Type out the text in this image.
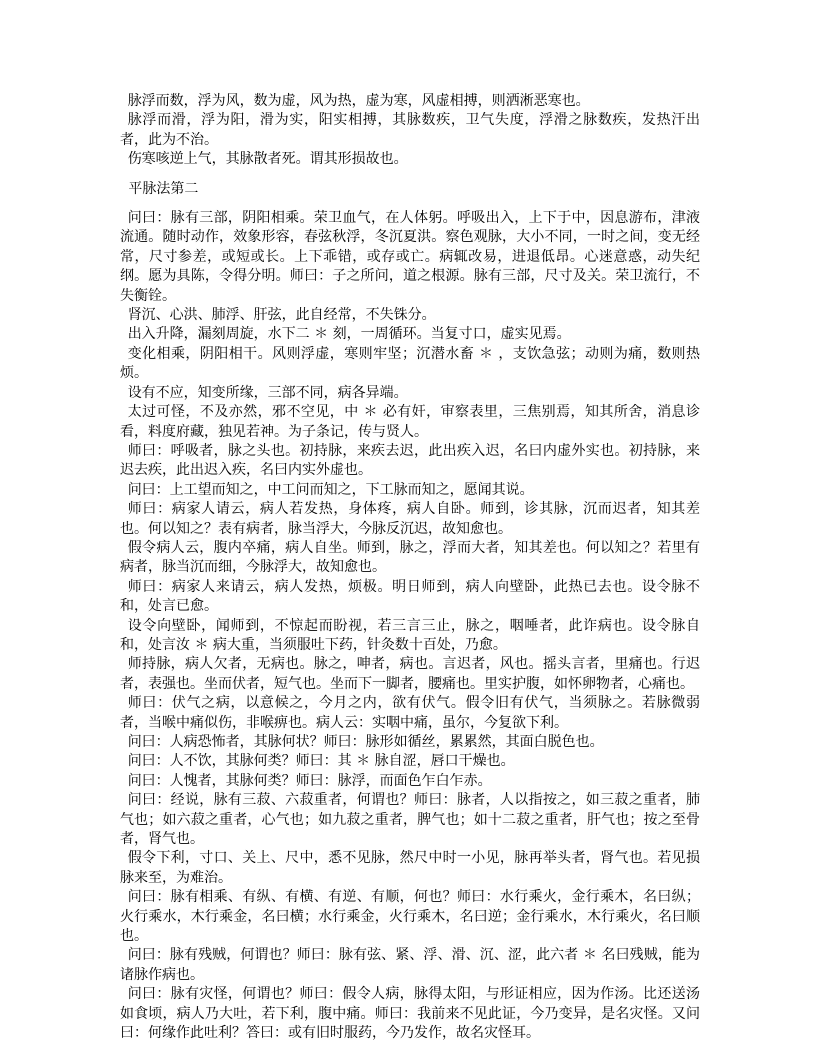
脉浮而数，浮为风，数为虚，风为热，虚为寒，风虚相搏，则洒淅恶寒也。

脉浮而滑，浮为阳，滑为实，阳实相搏，其脉数疾，卫气失度，浮滑之脉数疾，发热汗出者，此为不治。

伤寒咳逆上气，其脉散者死。谓其形损故也。

平脉法第二

问曰：脉有三部，阴阳相乘。荣卫血气，在人体躬。呼吸出入，上下于中，因息游布，津液流通。随时动作，效象形容，春弦秋浮，冬沉夏洪。察色观脉，大小不同，一时之间，变无经常，尺寸参差，或短或长。上下乖错，或存或亡。病辄改易，进退低昂。心迷意惑，动失纪纲。愿为具陈，令得分明。师曰：子之所问，道之根源。脉有三部，尺寸及关。荣卫流行，不失衡铨。

肾沉、心洪、肺浮、肝弦，此自经常，不失铢分。

出入升降，漏刻周旋，水下二 ＊ 刻，一周循环。当复寸口，虚实见焉。

变化相乘，阴阳相干。风则浮虚，寒则牢坚；沉潜水畜 ＊ ，支饮急弦；动则为痛，数则热烦。

设有不应，知变所缘，三部不同，病各异端。

太过可怪，不及亦然，邪不空见，中 ＊ 必有奸，审察表里，三焦别焉，知其所舍，消息诊看，料度府藏，独见若神。为子条记，传与贤人。

师曰：呼吸者，脉之头也。初持脉，来疾去迟，此出疾入迟，名曰内虚外实也。初持脉，来迟去疾，此出迟入疾，名曰内实外虚也。

问曰：上工望而知之，中工问而知之，下工脉而知之，愿闻其说。

师曰：病家人请云，病人若发热，身体疼，病人自卧。师到，诊其脉，沉而迟者，知其差也。何以知之？表有病者，脉当浮大，今脉反沉迟，故知愈也。

假令病人云，腹内卒痛，病人自坐。师到，脉之，浮而大者，知其差也。何以知之？若里有病者，脉当沉而细，今脉浮大，故知愈也。

师曰：病家人来请云，病人发热，烦极。明日师到，病人向壁卧，此热已去也。设令脉不和，处言已愈。

设令向壁卧，闻师到，不惊起而盼视，若三言三止，脉之，咽唾者，此诈病也。设令脉自和，处言汝 ＊ 病大重，当须服吐下药，针灸数十百处，乃愈。

师持脉，病人欠者，无病也。脉之，呻者，病也。言迟者，风也。摇头言者，里痛也。行迟者，表强也。坐而伏者，短气也。坐而下一脚者，腰痛也。里实护腹，如怀卵物者，心痛也。

师曰：伏气之病，以意候之，今月之内，欲有伏气。假令旧有伏气，当须脉之。若脉微弱者，当喉中痛似伤，非喉痹也。病人云：实咽中痛，虽尔，今复欲下利。

问曰：人病恐怖者，其脉何状？师曰：脉形如循丝，累累然，其面白脱色也。

问曰：人不饮，其脉何类？师曰：其 ＊ 脉自涩，唇口干燥也。

问曰：人愧者，其脉何类？师曰：脉浮，而面色乍白乍赤。

问曰：经说，脉有三菽、六菽重者，何谓也？师曰：脉者，人以指按之，如三菽之重者，肺气也；如六菽之重者，心气也；如九菽之重者，脾气也；如十二菽之重者，肝气也；按之至骨者，肾气也。

假令下利，寸口、关上、尺中，悉不见脉，然尺中时一小见，脉再举头者，肾气也。若见损脉来至，为难治。

问曰：脉有相乘、有纵、有横、有逆、有顺，何也？师曰：水行乘火，金行乘木，名曰纵；火行乘水，木行乘金，名曰横；水行乘金，火行乘木，名曰逆；金行乘水，木行乘火，名曰顺也。

问曰：脉有残贼，何谓也？师曰：脉有弦、紧、浮、滑、沉、涩，此六者 ＊ 名曰残贼，能为诸脉作病也。

问曰：脉有灾怪，何谓也？师曰：假令人病，脉得太阳，与形证相应，因为作汤。比还送汤如食顷，病人乃大吐，若下利，腹中痛。师曰：我前来不见此证，今乃变异，是名灾怪。又问曰：何缘作此吐利？答曰：或有旧时服药，今乃发作，故名灾怪耳。
